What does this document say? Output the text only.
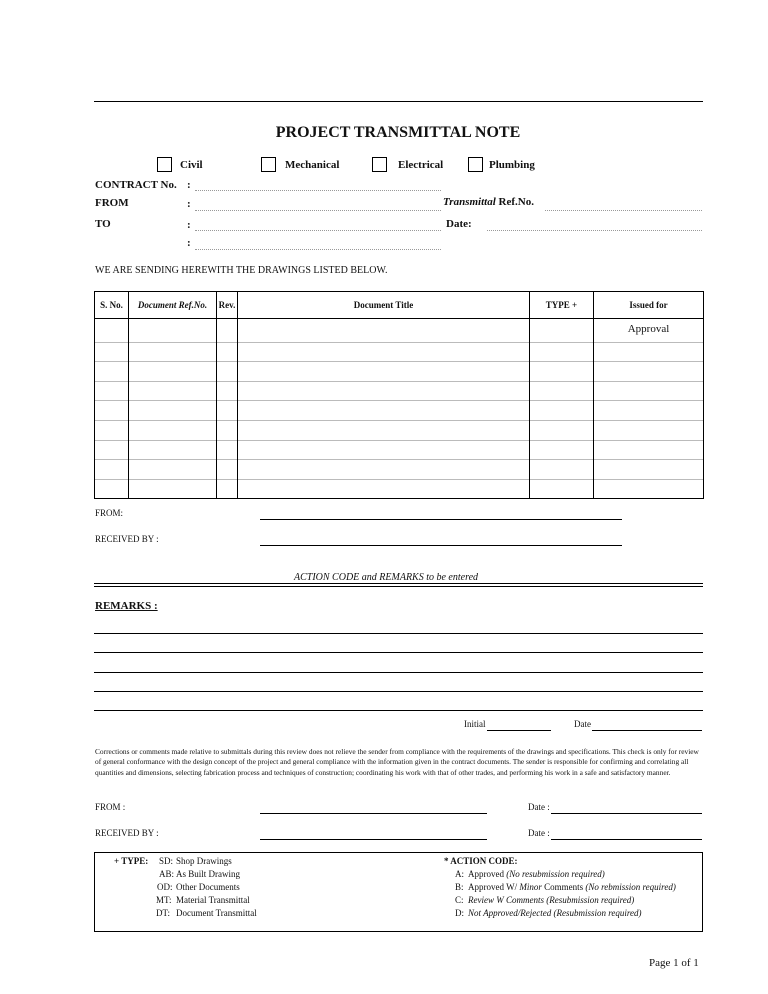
PROJECT TRANSMITTAL NOTE
Civil	Mechanical	Electrical	Plumbing
CONTRACT No. :
FROM	:
TO	:
:
Transmittal Ref.No.
Date:
WE ARE SENDING HEREWITH THE DRAWINGS LISTED BELOW.
S. No.	Document Ref.No.	Rev.	Document Title	TYPE +	Issued for
					Approval

FROM:
RECEIVED BY :
ACTION CODE and REMARKS to be entered
REMARKS :
Initial	Date
Corrections or comments made relative to submittals during this review does not relieve the sender from compliance with the requirements of the drawings and specifications. This check is only for review of general conformance with the design concept of the project and general compliance with the information given in the contract documents. The sender is responsible for confirming and correlating all quantities and dimensions, selecting fabrication process and techniques of construction; coordinating his work with that of other trades, and performing his work in a safe and satisfactory manner.
FROM :	Date :
RECEIVED BY :	Date :
+ TYPE: SD: Shop Drawings
AB: As Built Drawing
OD: Other Documents
MT: Material Transmittal
DT: Document Transmittal
* ACTION CODE:
A: Approved (No resubmission required)
B: Approved W/ Minor Comments (No rebmission required)
C: Review W Comments (Resubmission required)
D: Not Approved/Rejected (Resubmission required)
Page 1 of 1
